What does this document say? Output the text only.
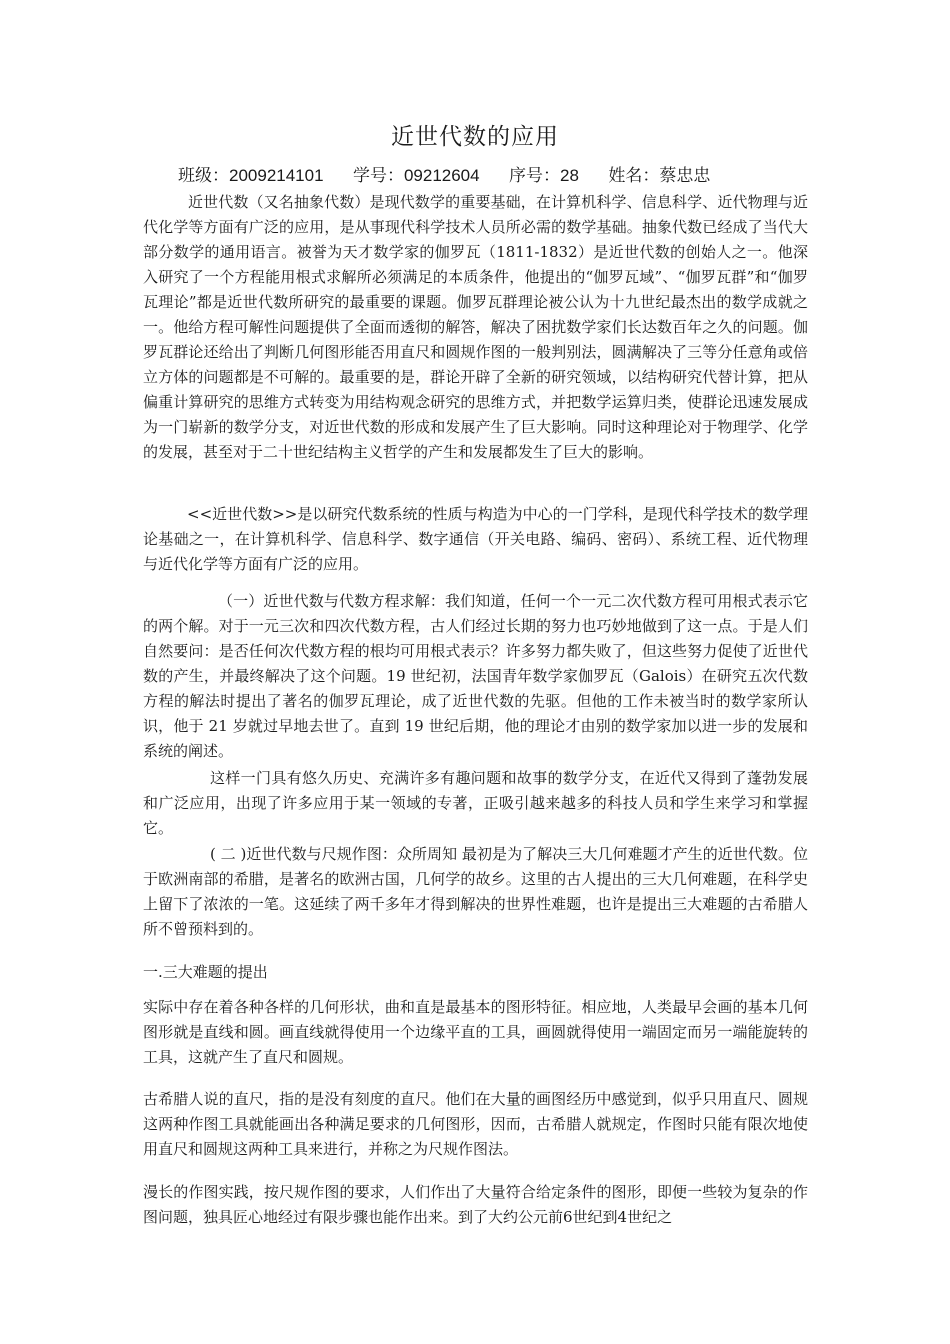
近世代数的应用
班级：2009214101 学号：09212604 序号：28 姓名：蔡忠忠

近世代数（又名抽象代数）是现代数学的重要基础，在计算机科学、信息科学、近代物理与近代化学等方面有广泛的应用，是从事现代科学技术人员所必需的数学基础。抽象代数已经成了当代大部分数学的通用语言。被誉为天才数学家的伽罗瓦（1811-1832）是近世代数的创始人之一。他深入研究了一个方程能用根式求解所必须满足的本质条件，他提出的“伽罗瓦域”、“伽罗瓦群”和“伽罗瓦理论”都是近世代数所研究的最重要的课题。伽罗瓦群理论被公认为十九世纪最杰出的数学成就之一。他给方程可解性问题提供了全面而透彻的解答，解决了困扰数学家们长达数百年之久的问题。伽罗瓦群论还给出了判断几何图形能否用直尺和圆规作图的一般判别法，圆满解决了三等分任意角或倍立方体的问题都是不可解的。最重要的是，群论开辟了全新的研究领域，以结构研究代替计算，把从偏重计算研究的思维方式转变为用结构观念研究的思维方式，并把数学运算归类，使群论迅速发展成为一门崭新的数学分支，对近世代数的形成和发展产生了巨大影响。同时这种理论对于物理学、化学的发展，甚至对于二十世纪结构主义哲学的产生和发展都发生了巨大的影响。

<<近世代数>>是以研究代数系统的性质与构造为中心的一门学科，是现代科学技术的数学理论基础之一，在计算机科学、信息科学、数字通信（开关电路、编码、密码）、系统工程、近代物理与近代化学等方面有广泛的应用。

（一）近世代数与代数方程求解：我们知道，任何一个一元二次代数方程可用根式表示它的两个解。对于一元三次和四次代数方程，古人们经过长期的努力也巧妙地做到了这一点。于是人们自然要问：是否任何次代数方程的根均可用根式表示？许多努力都失败了，但这些努力促使了近世代数的产生，并最终解决了这个问题。19 世纪初，法国青年数学家伽罗瓦（Galois）在研究五次代数方程的解法时提出了著名的伽罗瓦理论，成了近世代数的先驱。但他的工作未被当时的数学家所认识，他于 21 岁就过早地去世了。直到 19 世纪后期，他的理论才由别的数学家加以进一步的发展和系统的阐述。

这样一门具有悠久历史、充满许多有趣问题和故事的数学分支，在近代又得到了蓬勃发展和广泛应用，出现了许多应用于某一领域的专著，正吸引越来越多的科技人员和学生来学习和掌握它。

( 二 )近世代数与尺规作图：众所周知 最初是为了解决三大几何难题才产生的近世代数。位于欧洲南部的希腊，是著名的欧洲古国，几何学的故乡。这里的古人提出的三大几何难题，在科学史上留下了浓浓的一笔。这延续了两千多年才得到解决的世界性难题，也许是提出三大难题的古希腊人所不曾预料到的。

一.三大难题的提出

实际中存在着各种各样的几何形状，曲和直是最基本的图形特征。相应地，人类最早会画的基本几何图形就是直线和圆。画直线就得使用一个边缘平直的工具，画圆就得使用一端固定而另一端能旋转的工具，这就产生了直尺和圆规。

古希腊人说的直尺，指的是没有刻度的直尺。他们在大量的画图经历中感觉到，似乎只用直尺、圆规这两种作图工具就能画出各种满足要求的几何图形，因而，古希腊人就规定，作图时只能有限次地使用直尺和圆规这两种工具来进行，并称之为尺规作图法。

漫长的作图实践，按尺规作图的要求，人们作出了大量符合给定条件的图形，即便一些较为复杂的作图问题，独具匠心地经过有限步骤也能作出来。到了大约公元前6世纪到4世纪之
